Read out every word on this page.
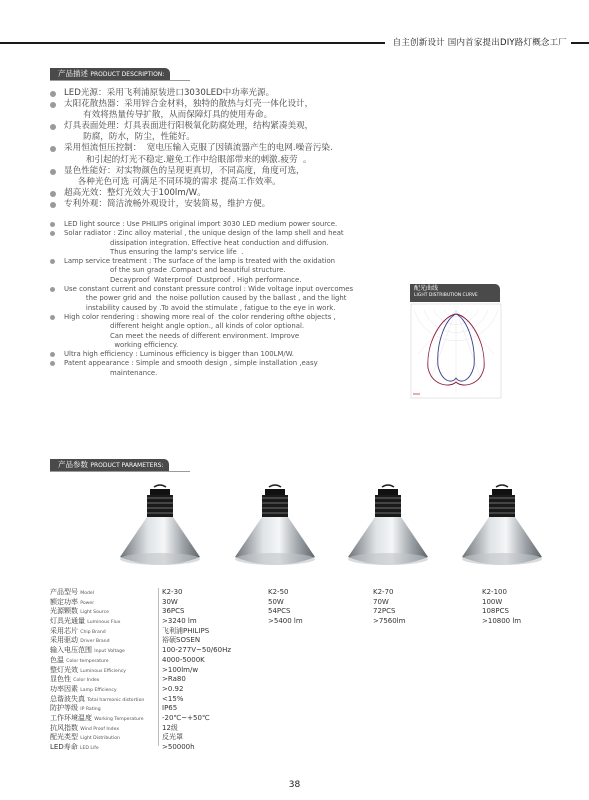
自主创新设计 国内首家提出DIY路灯概念工厂
产品描述 PRODUCT DESCRIPTION:
LED光源：采用飞利浦原装进口3030LED中功率光源。
太阳花散热器：采用锌合金材料，独特的散热与灯壳一体化设计，
有效将热量传导扩散，从而保障灯具的使用寿命。
灯具表面处理：灯具表面进行阳极氧化防腐处理，结构紧凑美观，
防腐，防水，防尘，性能好。
采用恒流恒压控制：  宽电压输入克服了因镇流器产生的电网.噪音污染.
和引起的灯光不稳定.避免工作中给眼部带来的刺激.疲劳  。
显色性能好：对实物颜色的呈现更真切，不同高度，角度可选，
各种光色可选 可满足不同环境的需求 提高工作效率。
超高光效：整灯光效大于100lm/W。
专利外观：简洁流畅外观设计，安装简易，维护方便。
LED light source : Use PHILIPS original import 3030 LED medium power source.
Solar radiator : Zinc alloy material , the unique design of the lamp shell and heat
dissipation integration. Effective heat conduction and diffusion.
Thus ensuring the lamp's service life  .
Lamp service treatment : The surface of the lamp is treated with the oxidation
of the sun grade .Compact and beautiful structure.
Decayproof  Waterproof  Dustproof . High performance.
Use constant current and constant pressure control : Wide voltage input overcomes
the power grid and  the noise pollution caused by the ballast , and the light
instability caused by .To avoid the stimulate , fatigue to the eye in work.
High color rendering : showing more real of  the color rendering ofthe objects ,
different height angle option., all kinds of color optional.
Can meet the needs of different environment. Improve
working efficiency.
Ultra high efficiency : Luminous efficiency is bigger than 100LM/W.
Patent appearance : Simple and smooth design , simple installation ,easy
maintenance.
配光曲线
LIGHT DISTRIBUTION CURVE
产品参数 PRODUCT PARAMETERS:
产品型号 Model
额定功率 Power
光源颗数 Light Source
灯具光通量 Luminous Flux
采用芯片 Chip Brand
采用驱动 Driver Brand
输入电压范围 Input Voltage
色温 Color temperature
整灯光效 Luminous Efficiency
显色性 Color Index
功率因素 Lamp Efficiency
总谐波失真 Total harmonic distortion
防护等级 IP Rating
工作环境温度 Working Temperature
抗风指数 Wind Proof Index
配光类型 Light Distribution
LED寿命 LED Life
K2-30
30W
36PCS
>3240 lm
飞利浦PHILIPS
裕硕SOSEN
100-277V~50/60Hz
4000-5000K
>100lm/w
>Ra80
>0.92
<15%
IP65
-20℃~+50℃
12级
反光罩
>50000h
K2-50
50W
54PCS
>5400 lm
K2-70
70W
72PCS
>7560lm
K2-100
100W
108PCS
>10800 lm
38
